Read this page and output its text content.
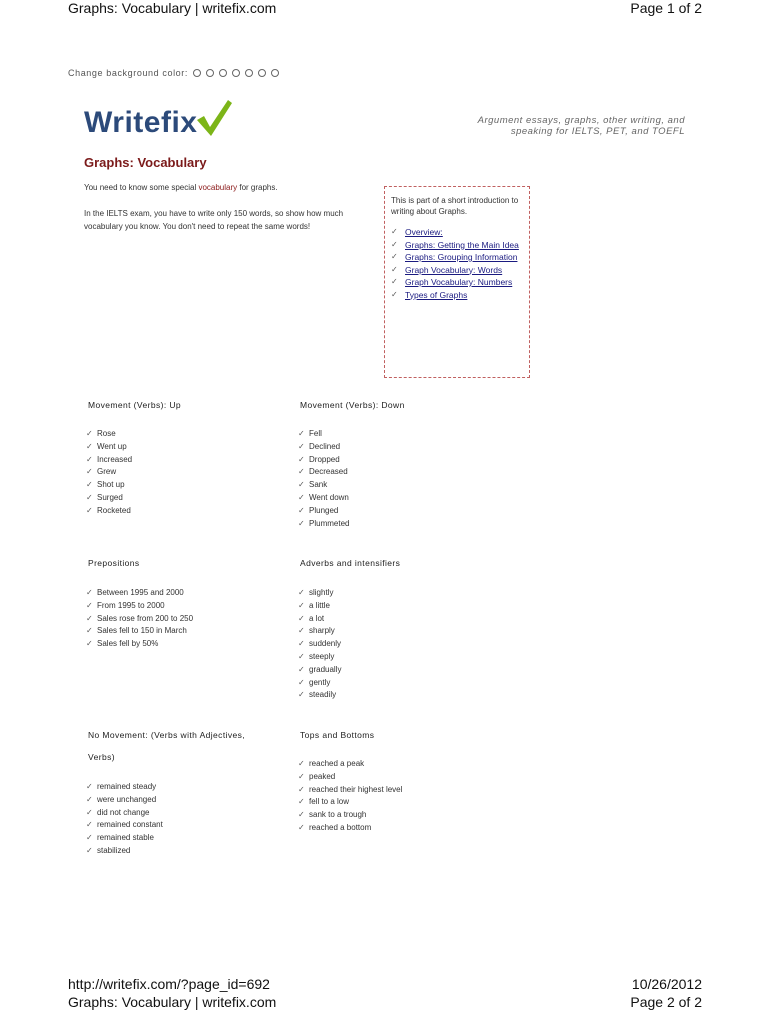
Graphs: Vocabulary | writefix.com	Page 1 of 2
Change background color:
Writefix	Argument essays, graphs, other writing, and speaking for IELTS, PET, and TOEFL
Graphs: Vocabulary
You need to know some special vocabulary for graphs.
In the IELTS exam, you have to write only 150 words, so show how much vocabulary you know. You don't need to repeat the same words!
This is part of a short introduction to writing about Graphs.
✓ Overview:
✓ Graphs: Getting the Main Idea
✓ Graphs: Grouping Information
✓ Graph Vocabulary: Words
✓ Graph Vocabulary: Numbers
✓ Types of Graphs
Movement (Verbs): Up
✓ Rose
✓ Went up
✓ Increased
✓ Grew
✓ Shot up
✓ Surged
✓ Rocketed
Movement (Verbs): Down
✓ Fell
✓ Declined
✓ Dropped
✓ Decreased
✓ Sank
✓ Went down
✓ Plunged
✓ Plummeted
Prepositions
✓ Between 1995 and 2000
✓ From 1995 to 2000
✓ Sales rose from 200 to 250
✓ Sales fell to 150 in March
✓ Sales fell by 50%
Adverbs and intensifiers
✓ slightly
✓ a little
✓ a lot
✓ sharply
✓ suddenly
✓ steeply
✓ gradually
✓ gently
✓ steadily
No Movement: (Verbs with Adjectives,
Verbs)
✓ remained steady
✓ were unchanged
✓ did not change
✓ remained constant
✓ remained stable
✓ stabilized
Tops and Bottoms
✓ reached a peak
✓ peaked
✓ reached their highest level
✓ fell to a low
✓ sank to a trough
✓ reached a bottom
http://writefix.com/?page_id=692
Graphs: Vocabulary | writefix.com
10/26/2012
Page 2 of 2
